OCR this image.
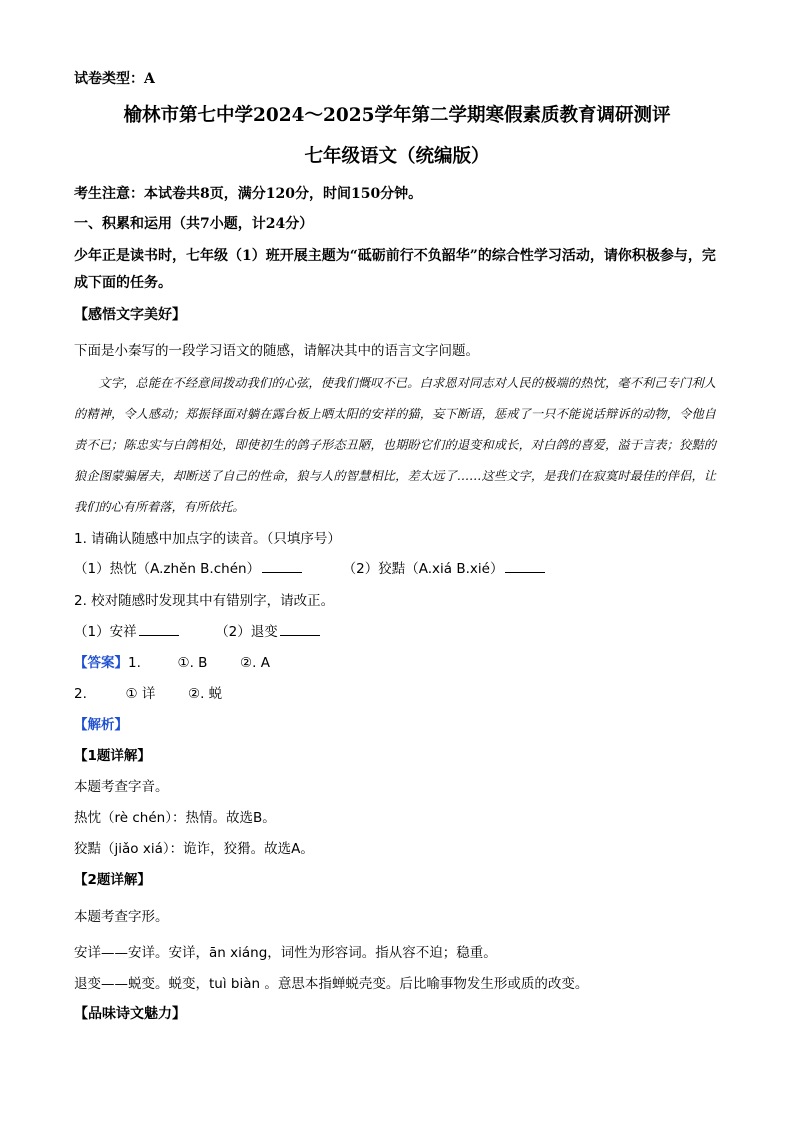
试卷类型：A
榆林市第七中学2024～2025学年第二学期寒假素质教育调研测评
七年级语文（统编版）
考生注意：本试卷共8页，满分120分，时间150分钟。
一、积累和运用（共7小题，计24分）
少年正是读书时，七年级（1）班开展主题为“砥砺前行不负韶华”的综合性学习活动，请你积极参与，完成下面的任务。
【感悟文字美好】
下面是小秦写的一段学习语文的随感，请解决其中的语言文字问题。

文字，总能在不经意间拨动我们的心弦，使我们慨叹不已。白求恩对同志对人民的极端的热忱，毫不利己专门利人的精神，令人感动；郑振铎面对躺在露台板上晒太阳的安祥的猫，妄下断语，惩戒了一只不能说话辩诉的动物，令他自责不已；陈忠实与白鸽相处，即使初生的鸽子形态丑陋，也期盼它们的退变和成长，对白鸽的喜爱，溢于言表；狡黠的狼企图蒙骗屠夫，却断送了自己的性命，狼与人的智慧相比，差太远了……这些文字，是我们在寂寞时最佳的伴侣，让我们的心有所着落，有所依托。

1. 请确认随感中加点字的读音。（只填序号）
（1）热忱（A.zhěn B.chén）	（2）狡黠（A.xiá B.xié）
2. 校对随感时发现其中有错别字，请改正。
（1）安祥	（2）退变
【答案】1.	①. B ②. A
2.	① 详 ②. 蜕
【解析】
【1题详解】
本题考查字音。
热忱（rè chén）：热情。故选B。
狡黠（jiǎo xiá）：诡诈，狡猾。故选A。
【2题详解】
本题考查字形。
安详——安详。安详，ān xiáng，词性为形容词。指从容不迫；稳重。
退变——蜕变。蜕变，tuì biàn 。意思本指蝉蜕壳变。后比喻事物发生形或质的改变。
【品味诗文魅力】
